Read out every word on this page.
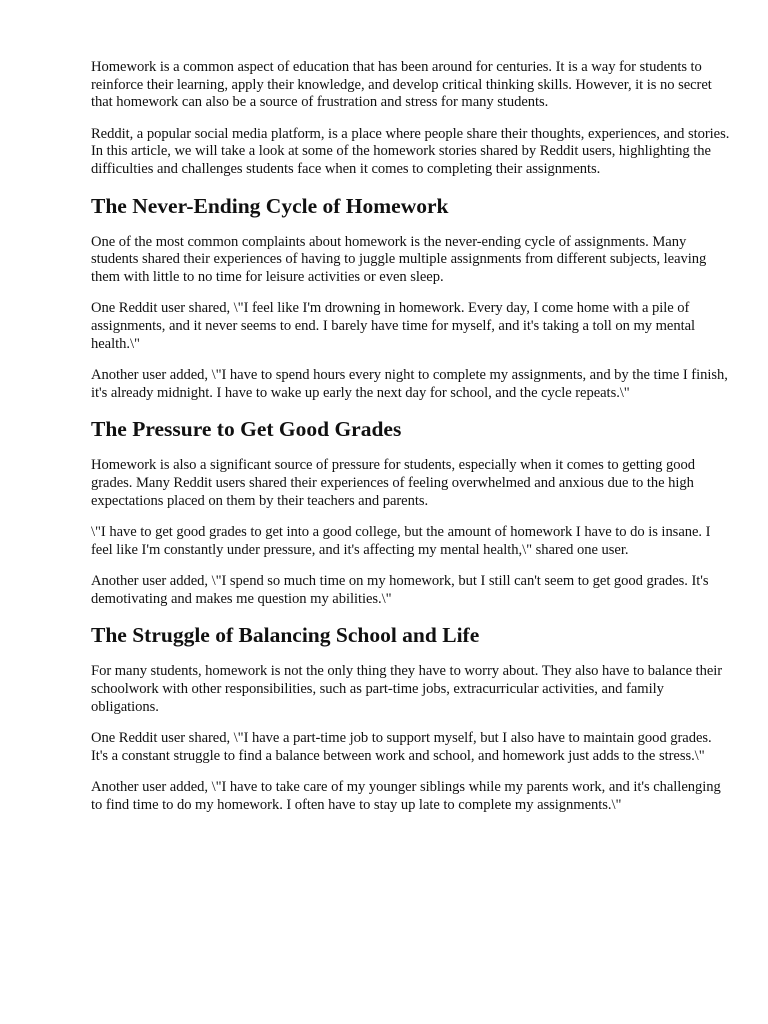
Homework is a common aspect of education that has been around for centuries. It is a way for students to reinforce their learning, apply their knowledge, and develop critical thinking skills. However, it is no secret that homework can also be a source of frustration and stress for many students.

Reddit, a popular social media platform, is a place where people share their thoughts, experiences, and stories. In this article, we will take a look at some of the homework stories shared by Reddit users, highlighting the difficulties and challenges students face when it comes to completing their assignments.

The Never-Ending Cycle of Homework

One of the most common complaints about homework is the never-ending cycle of assignments. Many students shared their experiences of having to juggle multiple assignments from different subjects, leaving them with little to no time for leisure activities or even sleep.

One Reddit user shared, \"I feel like I'm drowning in homework. Every day, I come home with a pile of assignments, and it never seems to end. I barely have time for myself, and it's taking a toll on my mental health.\"

Another user added, \"I have to spend hours every night to complete my assignments, and by the time I finish, it's already midnight. I have to wake up early the next day for school, and the cycle repeats.\"

The Pressure to Get Good Grades

Homework is also a significant source of pressure for students, especially when it comes to getting good grades. Many Reddit users shared their experiences of feeling overwhelmed and anxious due to the high expectations placed on them by their teachers and parents.

\"I have to get good grades to get into a good college, but the amount of homework I have to do is insane. I feel like I'm constantly under pressure, and it's affecting my mental health,\" shared one user.

Another user added, \"I spend so much time on my homework, but I still can't seem to get good grades. It's demotivating and makes me question my abilities.\"

The Struggle of Balancing School and Life

For many students, homework is not the only thing they have to worry about. They also have to balance their schoolwork with other responsibilities, such as part-time jobs, extracurricular activities, and family obligations.

One Reddit user shared, \"I have a part-time job to support myself, but I also have to maintain good grades. It's a constant struggle to find a balance between work and school, and homework just adds to the stress.\"

Another user added, \"I have to take care of my younger siblings while my parents work, and it's challenging to find time to do my homework. I often have to stay up late to complete my assignments.\"
